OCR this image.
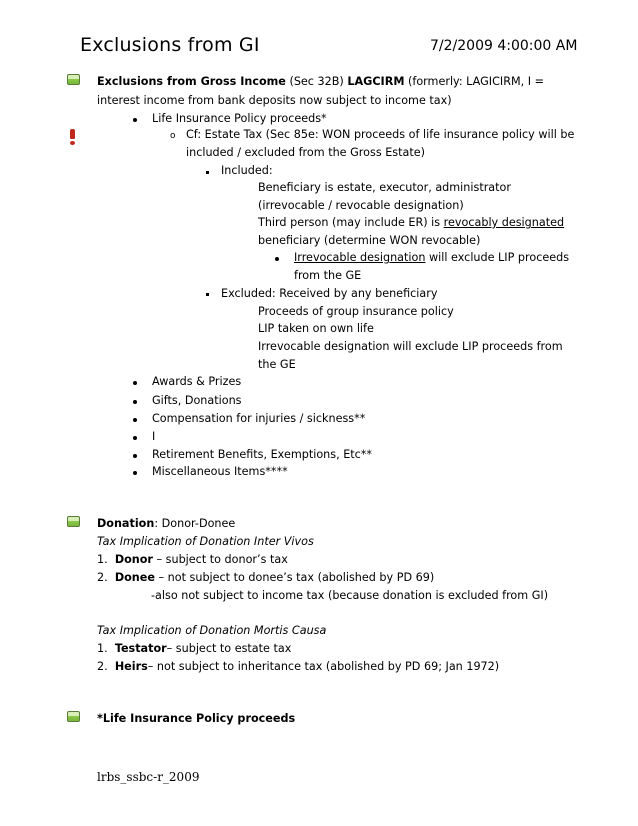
Exclusions from GI	7/2/2009 4:00:00 AM
Exclusions from Gross Income (Sec 32B) LAGCIRM (formerly: LAGICIRM, I =
interest income from bank deposits now subject to income tax)
Life Insurance Policy proceeds*
o Cf: Estate Tax (Sec 85e: WON proceeds of life insurance policy will be
included / excluded from the Gross Estate)
Included:
Beneficiary is estate, executor, administrator
(irrevocable / revocable designation)
Third person (may include ER) is revocably designated
beneficiary (determine WON revocable)
Irrevocable designation will exclude LIP proceeds
from the GE
Excluded: Received by any beneficiary
Proceeds of group insurance policy
LIP taken on own life
Irrevocable designation will exclude LIP proceeds from
the GE
Awards & Prizes
Gifts, Donations
Compensation for injuries / sickness**
I
Retirement Benefits, Exemptions, Etc**
Miscellaneous Items****
Donation: Donor-Donee
Tax Implication of Donation Inter Vivos
1. Donor – subject to donor’s tax
2. Donee – not subject to donee’s tax (abolished by PD 69)
-also not subject to income tax (because donation is excluded from GI)
Tax Implication of Donation Mortis Causa
1. Testator– subject to estate tax
2. Heirs– not subject to inheritance tax (abolished by PD 69; Jan 1972)
*Life Insurance Policy proceeds
lrbs_ssbc-r_2009
